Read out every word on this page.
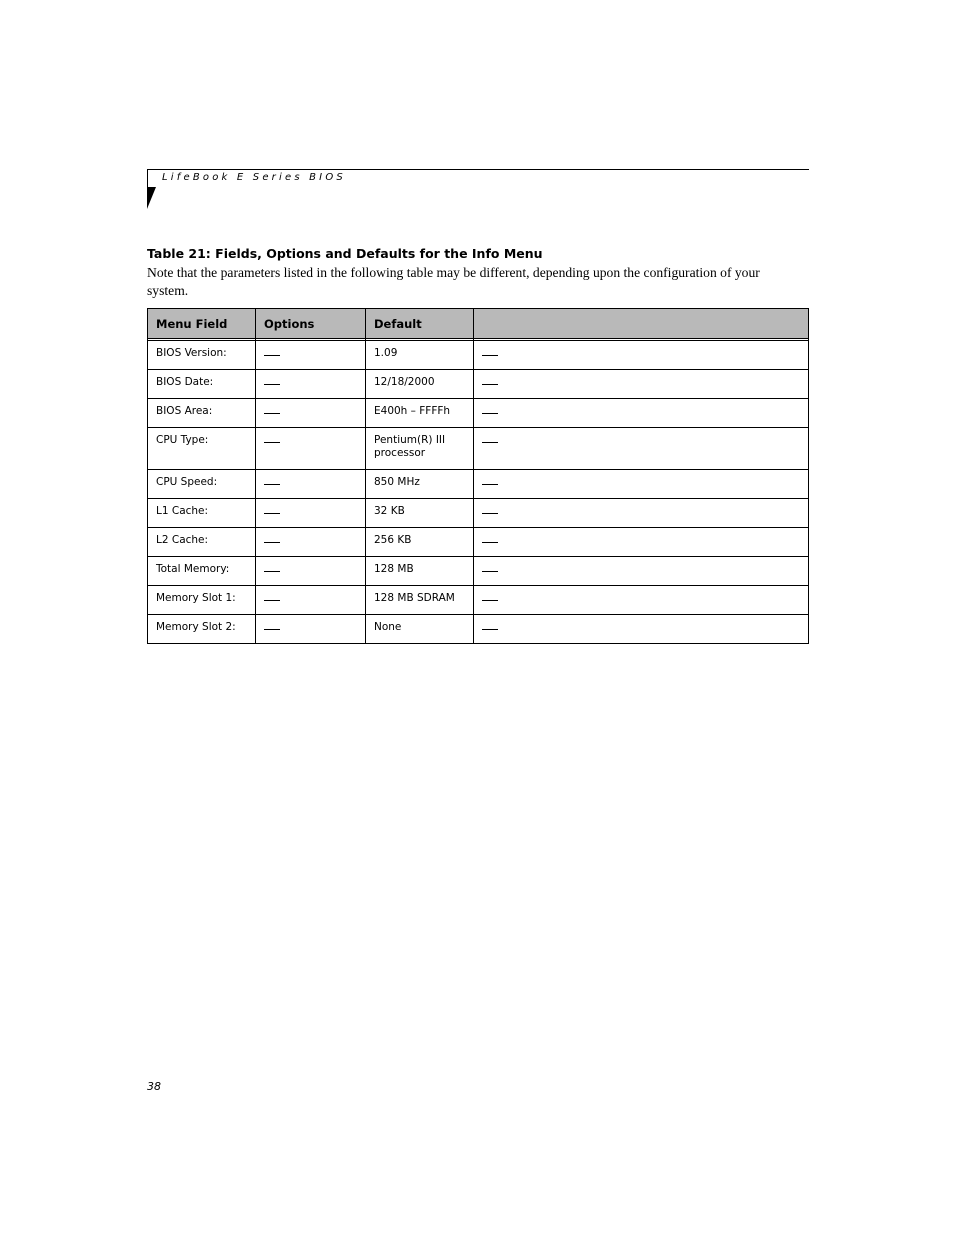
LifeBook E Series BIOS
Table 21: Fields, Options and Defaults for the Info Menu
Note that the parameters listed in the following table may be different, depending upon the configuration of your system.
Menu Field	Options	Default	

BIOS Version:		1.09	
BIOS Date:		12/18/2000	
BIOS Area:		E400h – FFFFh	
CPU Type:		Pentium(R) III processor	
CPU Speed:		850 MHz	
L1 Cache:		32 KB	
L2 Cache:		256 KB	
Total Memory:		128 MB	
Memory Slot 1:		128 MB SDRAM	
Memory Slot 2:		None	
38
